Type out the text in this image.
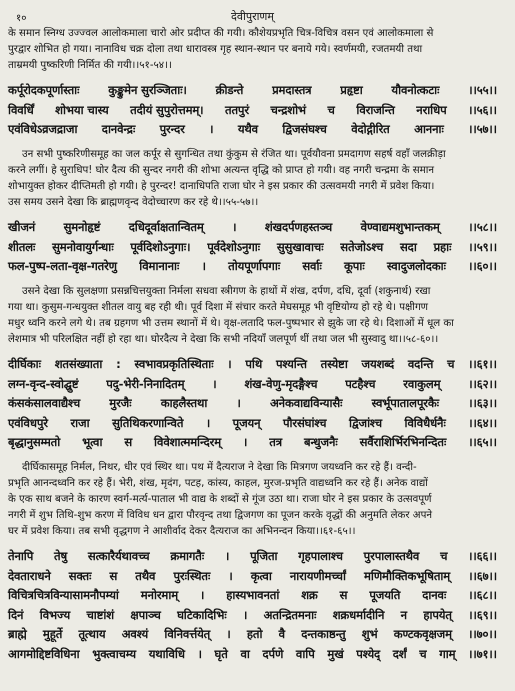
१०	देवीपुराणम्
के समान स्निग्ध उज्ज्वल आलोकमाला चारो ओर प्रदीप्त की गयी। कौशेयप्रभृति चित्र-विचित्र वसन एवं आलोकमाला से
पुरद्वार शोभित हो गया। नानाविध चक्र दोला तथा धारावस्त्र गृह स्थान-स्थान पर बनाये गये। स्वर्णमयी, रजतमयी तथा
ताम्रमयी पुष्करिणी निर्मित की गयी।।५१-५४।।
कर्पूरोदकपूर्णास्ताः कुङ्कुमेन सुरञ्जिताः। क्रीडन्ते प्रमदास्तत्र प्रहृष्टा यौवनोत्कटाः ।।५५।।
विवर्धिं शोभया चास्य तदीयं सुपुरोत्तमम्। ततपुरं चन्द्रशोभं च विराजन्ति नराधिप ।।५६।।
एवंविधेऽव्रजद्राजा दानवेन्द्रः पुरन्दर । यथैव द्विजसंघश्च वेदोद्गीरित आननाः ।।५७।।
उन सभी पुष्करिणीसमूह का जल कर्पूर से सुगन्धित तथा कुंकुम से रंजित था। पूर्वयौवना प्रमदागण सहर्ष वहाँ जलक्रीड़ा
करने लगीं। हे सुराधिप! घोर दैत्य की सुन्दर नगरी की शोभा अत्यन्त वृद्धि को प्राप्त हो गयी। वह नगरी चन्द्रमा के समान
शोभायुक्त होकर दीप्तिमती हो गयी। हे पुरन्दर! दानाधिपति राजा घोर ने इस प्रकार की उत्सवमयी नगरी में प्रवेश किया।
उस समय उसने देखा कि ब्राह्मणवृन्द वेदोच्चारण कर रहे थे।।५५-५७।।
खीजनं सुमनोहृष्टं दधिदूर्वाक्षतान्वितम् । शंखदर्पणहस्तञ्च वेण्वाद्यमशुभान्तकम् ।।५८।।
शीतलः सुमनोवायुर्गन्धाः पूर्वदिशोऽनुगाः। पूर्वदेशोऽनुगाः सुसुखावाचः सतेजोऽश्च सदा प्रहाः ।।५९।।
फल-पुष्प-लता-वृक्ष-गतरेणु विमानानाः । तोयपूर्णापगाः सर्वाः कूपाः स्वादुजलोदकाः ।।६०।।
उसने देखा कि सुलक्षणा प्रसन्नचित्तयुक्ता निर्मला सधवा स्त्रीगण के हाथों में शंख, दर्पण, दधि, दूर्वा (शकुनार्थ) रखा
गया था। कुसुम-गन्धयुक्त शीतल वायु बह रही थी। पूर्व दिशा में संचार करते मेघसमूह भी वृष्टियोग्य हो रहे थे। पक्षीगण
मधुर ध्वनि करने लगे थे। तब ग्रहगण भी उत्तम स्थानों में थे। वृक्ष-लतादि फल-पुष्पभार से झुके जा रहे थे। दिशाओं में धूल का
लेशमात्र भी परिलक्षित नहीं हो रहा था। घोरदैत्य ने देखा कि सभी नदियाँ जलपूर्ण थीं तथा जल भी सुस्वादु था।।५८-६०।।
दीर्घिकाः शतसंख्याता : स्वभावप्रकृतिस्थिताः । पथि पश्यन्ति तस्येष्टा जयशब्दं वदन्ति च ।।६१।।
लग्न-वृन्द-स्वोद्घुष्टं पदु-भेरी-निनादितम् । शंख-वेणु-मृदङ्गैश्च पटहैश्च रवाकुलम् ।।६२।।
कंसकंसालवाद्यैश्च	मुरजैः	काहलैस्तथा	।	अनेकवाद्यविन्यासैः	स्वर्भूपातालपूरकैः	।।६३।।
एवंविधपुरे राजा सुतिथिकरणान्विते । पूजयन् पौरसंघांश्च द्विजांश्च विविधैर्धनैः ।।६४।।
बृद्धानुसम्मतो भूत्वा स विवेशात्ममन्दिरम् । तत्र बन्धुजनैः सर्वैराशिर्भिरभिनन्दितः ।।६५।।
दीर्घिकासमूह निर्मल, निथर, धीर एवं स्थिर था। पथ में दैत्यराज ने देखा कि मित्रगण जयध्वनि कर रहे हैं। वन्दी-
प्रभृति आनन्दध्वनि कर रहे हैं। भेरी, शंख, मृदंग, पटह, कांस्य, काहल, मुरज-प्रभृति वाद्यध्वनि कर रहे हैं। अनेक वाद्यों
के एक साथ बजने के कारण स्वर्ग-मर्त्य-पाताल भी वाद्य के शब्दों से गूंज उठा था। राजा घोर ने इस प्रकार के उत्सवपूर्ण
नगरी में शुभ तिथि-शुभ करण में विविध धन द्वारा पौरवृन्द तथा द्विजगण का पूजन करके वृद्धों की अनुमति लेकर अपने
घर में प्रवेश किया। तब सभी वृद्धगण ने आशीर्वाद देकर दैत्यराज का अभिनन्दन किया।।६१-६५।।
तेनापि तेषु सत्कारैर्यथावच्च क्रमागतैः । पूजिता गृहपालाश्च पुरपालास्तथैव च ।।६६।।
देवताराधने सक्तः स तथैव पुरःस्थितः । कृत्वा नारायणीमर्च्चां मणिमौक्तिकभूषिताम् ।।६७।।
विचित्रचित्रविन्यासामनौपम्यां मनोरमाम् । हास्यभावनतां शक्र स पूजयति दानवः ।।६८।।
दिनं विभज्य चाष्टांशं क्षपाञ्च घटिकादिभिः । अतन्द्रितमनाः शक्रधर्मादीनि न हापयेत् ।।६९।।
ब्राह्मे मुहूर्ते तूत्थाय अवश्यं विनिवर्त्तयेत् । हतो वै दन्तकाष्ठन्तु शुभं कण्टकवृक्षजम् ।।७०।।
आगमोद्दिष्टविधिना भुक्त्वाचम्य यथाविधि । घृते वा दर्पणे वापि मुखं पश्येद् दर्शं च गाम् ।।७१।।
